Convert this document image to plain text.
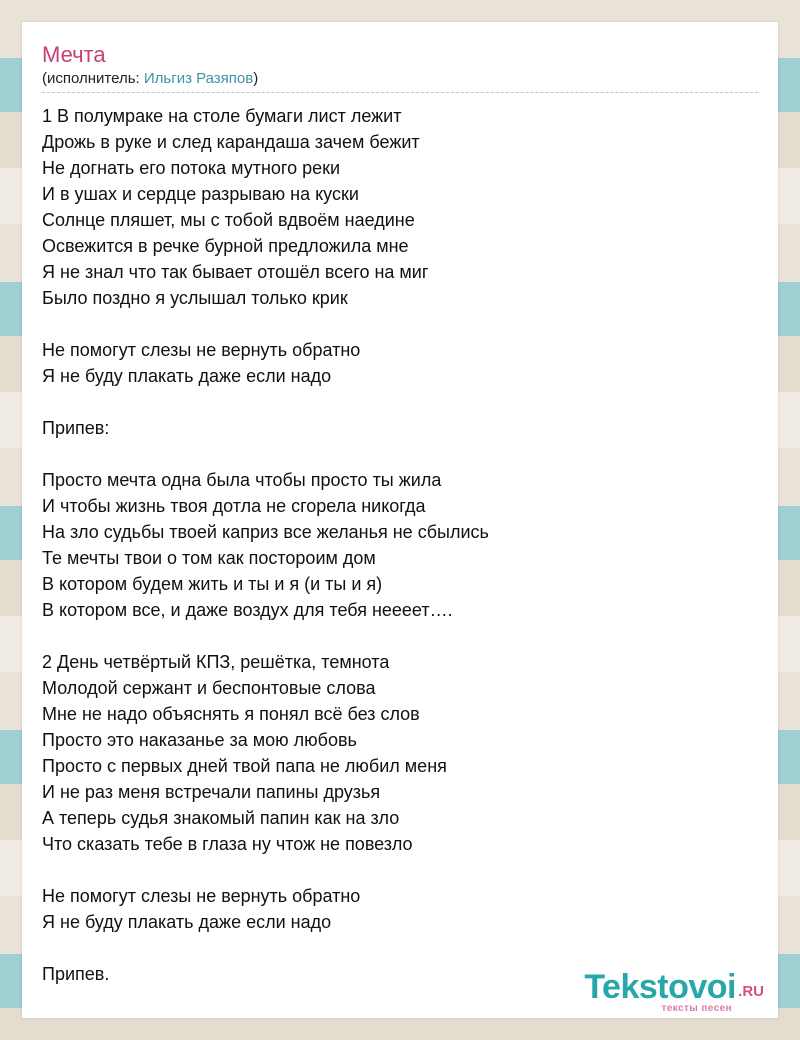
Мечта
(исполнитель: Ильгиз Разяпов)
1 В полумраке на столе бумаги лист лежит
Дрожь в руке и след карандаша зачем бежит
Не догнать его потока мутного реки
И в ушах и сердце разрываю на куски
Солнце пляшет, мы с тобой вдвоём наедине
Освежится в речке бурной предложила мне
Я не знал что так бывает отошёл всего на миг
Было поздно я услышал только крик
Не помогут слезы не вернуть обратно
Я не буду плакать даже если надо
Припев:
Просто мечта одна была чтобы просто ты жила
И чтобы жизнь твоя дотла не сгорела никогда
На зло судьбы твоей каприз все желанья не сбылись
Те мечты твои о том как постороим дом
В котором будем жить и ты и я (и ты и я)
В котором все, и даже воздух для тебя нееeет….
2 День четвёртый КПЗ, решётка, темнота
Молодой сержант и беспонтовые слова
Мне не надо объяснять я понял всё без слов
Просто это наказанье за мою любовь
Просто с первых дней твой папа не любил меня
И не раз меня встречали папины друзья
А теперь судья знакомый папин как на зло
Что сказать тебе в глаза ну чтож не повезло
Не помогут слезы не вернуть обратно
Я не буду плакать даже если надо
Припев.	Tekstovoi .RU
тексты песен
